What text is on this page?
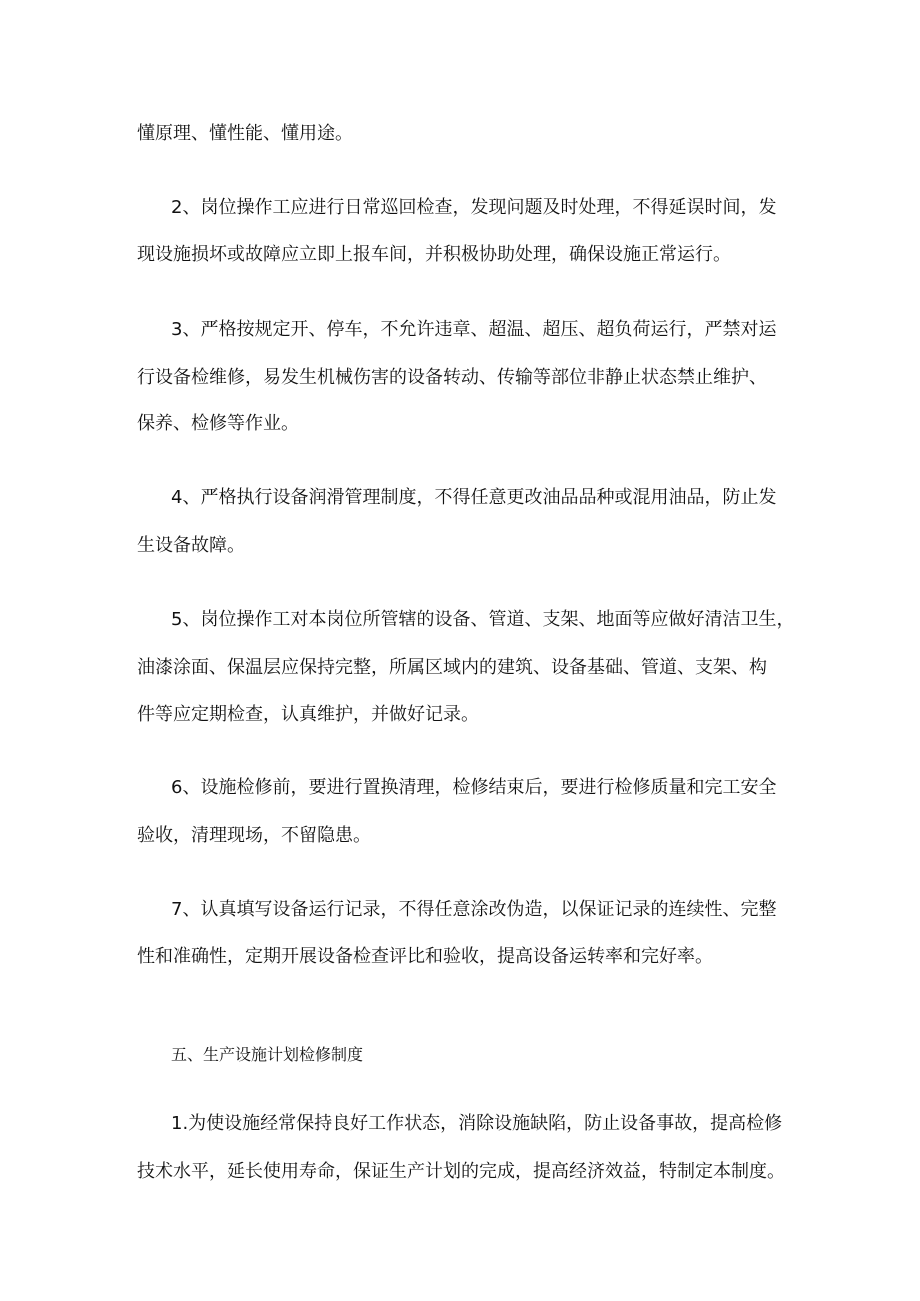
懂原理、懂性能、懂用途。
2、岗位操作工应进行日常巡回检查，发现问题及时处理，不得延误时间，发
现设施损坏或故障应立即上报车间，并积极协助处理，确保设施正常运行。
3、严格按规定开、停车，不允许违章、超温、超压、超负荷运行，严禁对运
行设备检维修，易发生机械伤害的设备转动、传输等部位非静止状态禁止维护、
保养、检修等作业。
4、严格执行设备润滑管理制度，不得任意更改油品品种或混用油品，防止发
生设备故障。
5、岗位操作工对本岗位所管辖的设备、管道、支架、地面等应做好清洁卫生，
油漆涂面、保温层应保持完整，所属区域内的建筑、设备基础、管道、支架、构
件等应定期检查，认真维护，并做好记录。
6、设施检修前，要进行置换清理，检修结束后，要进行检修质量和完工安全
验收，清理现场，不留隐患。
7、认真填写设备运行记录，不得任意涂改伪造，以保证记录的连续性、完整
性和准确性，定期开展设备检查评比和验收，提高设备运转率和完好率。
五、生产设施计划检修制度
1.为使设施经常保持良好工作状态，消除设施缺陷，防止设备事故，提高检修
技术水平，延长使用寿命，保证生产计划的完成，提高经济效益，特制定本制度。
